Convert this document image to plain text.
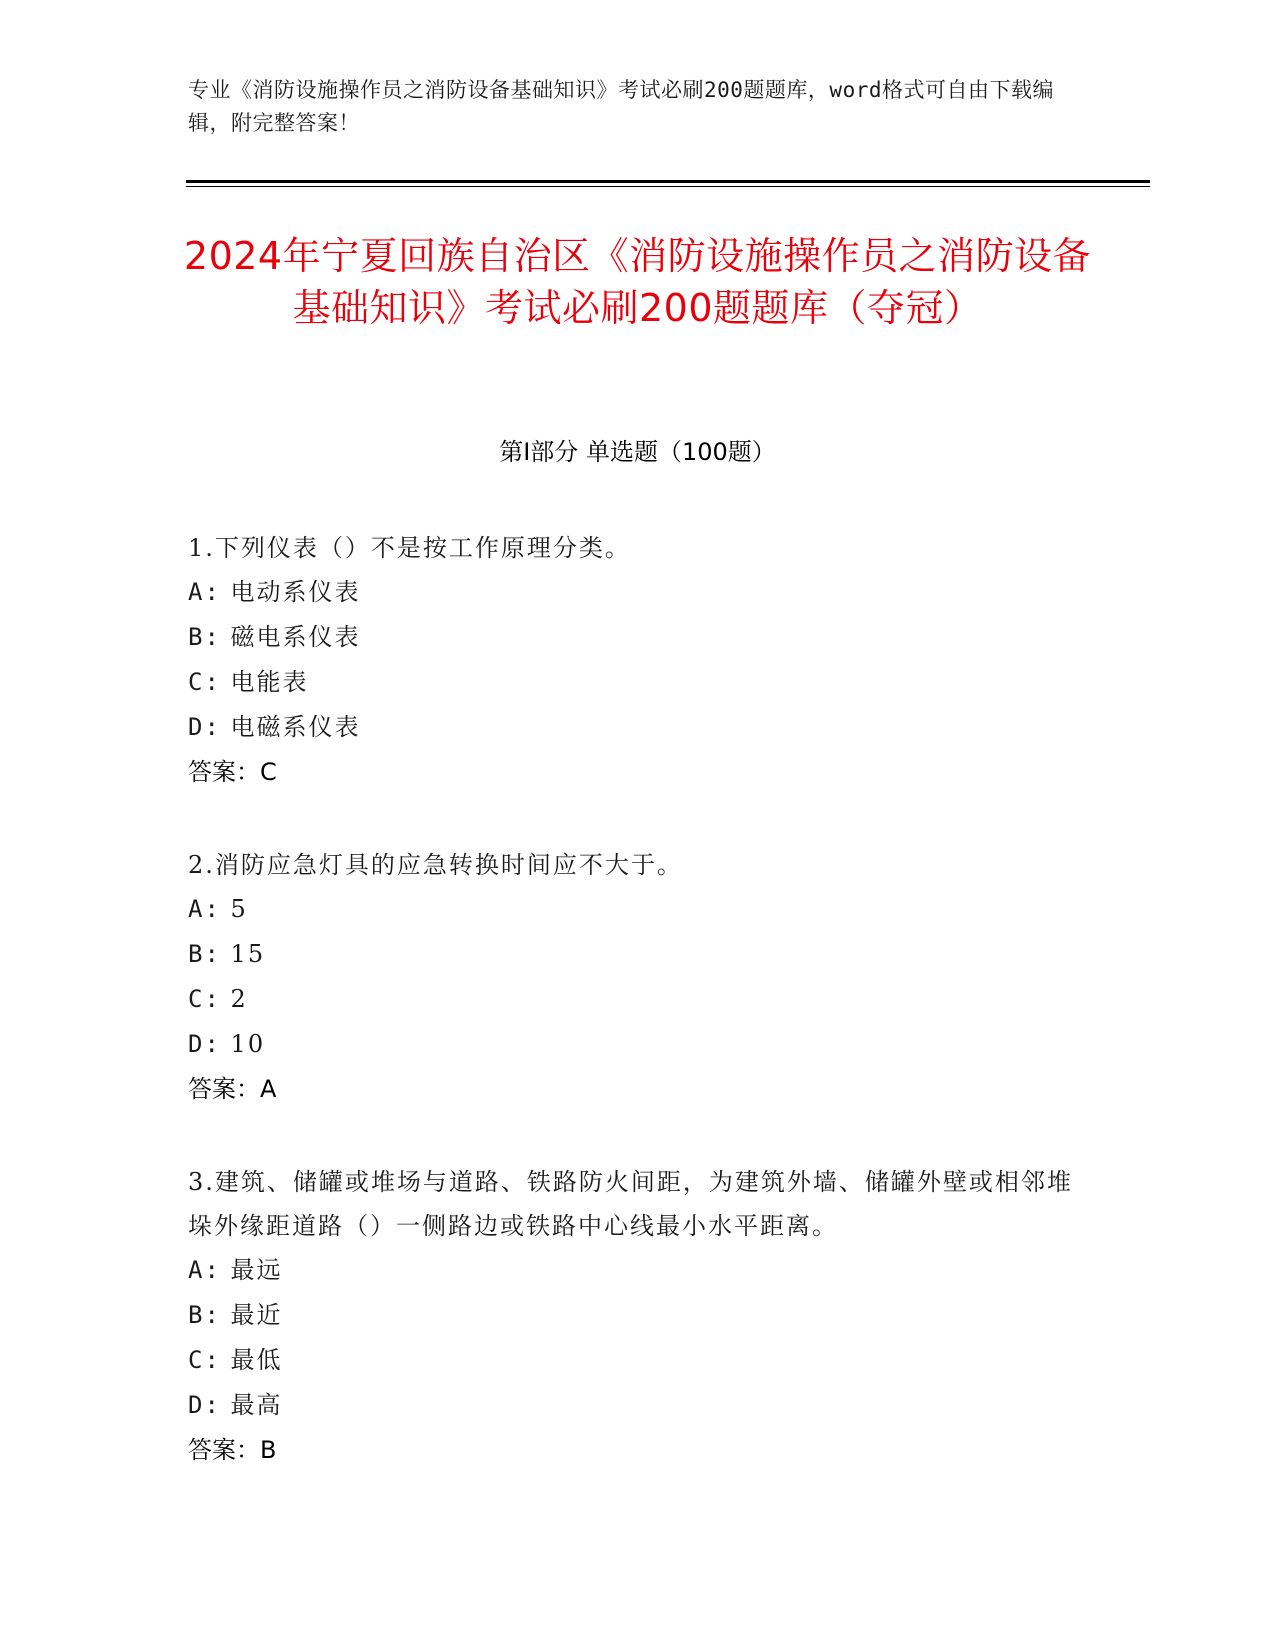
专业《消防设施操作员之消防设备基础知识》考试必刷200题题库，word格式可自由下载编辑，附完整答案！
2024年宁夏回族自治区《消防设施操作员之消防设备基础知识》考试必刷200题题库（夺冠）
第I部分 单选题（100题）
1.下列仪表（）不是按工作原理分类。
A: 电动系仪表
B: 磁电系仪表
C: 电能表
D: 电磁系仪表
答案：C
2.消防应急灯具的应急转换时间应不大于。
A: 5
B: 15
C: 2
D: 10
答案：A
3.建筑、储罐或堆场与道路、铁路防火间距，为建筑外墙、储罐外壁或相邻堆垛外缘距道路（）一侧路边或铁路中心线最小水平距离。
A: 最远
B: 最近
C: 最低
D: 最高
答案：B
